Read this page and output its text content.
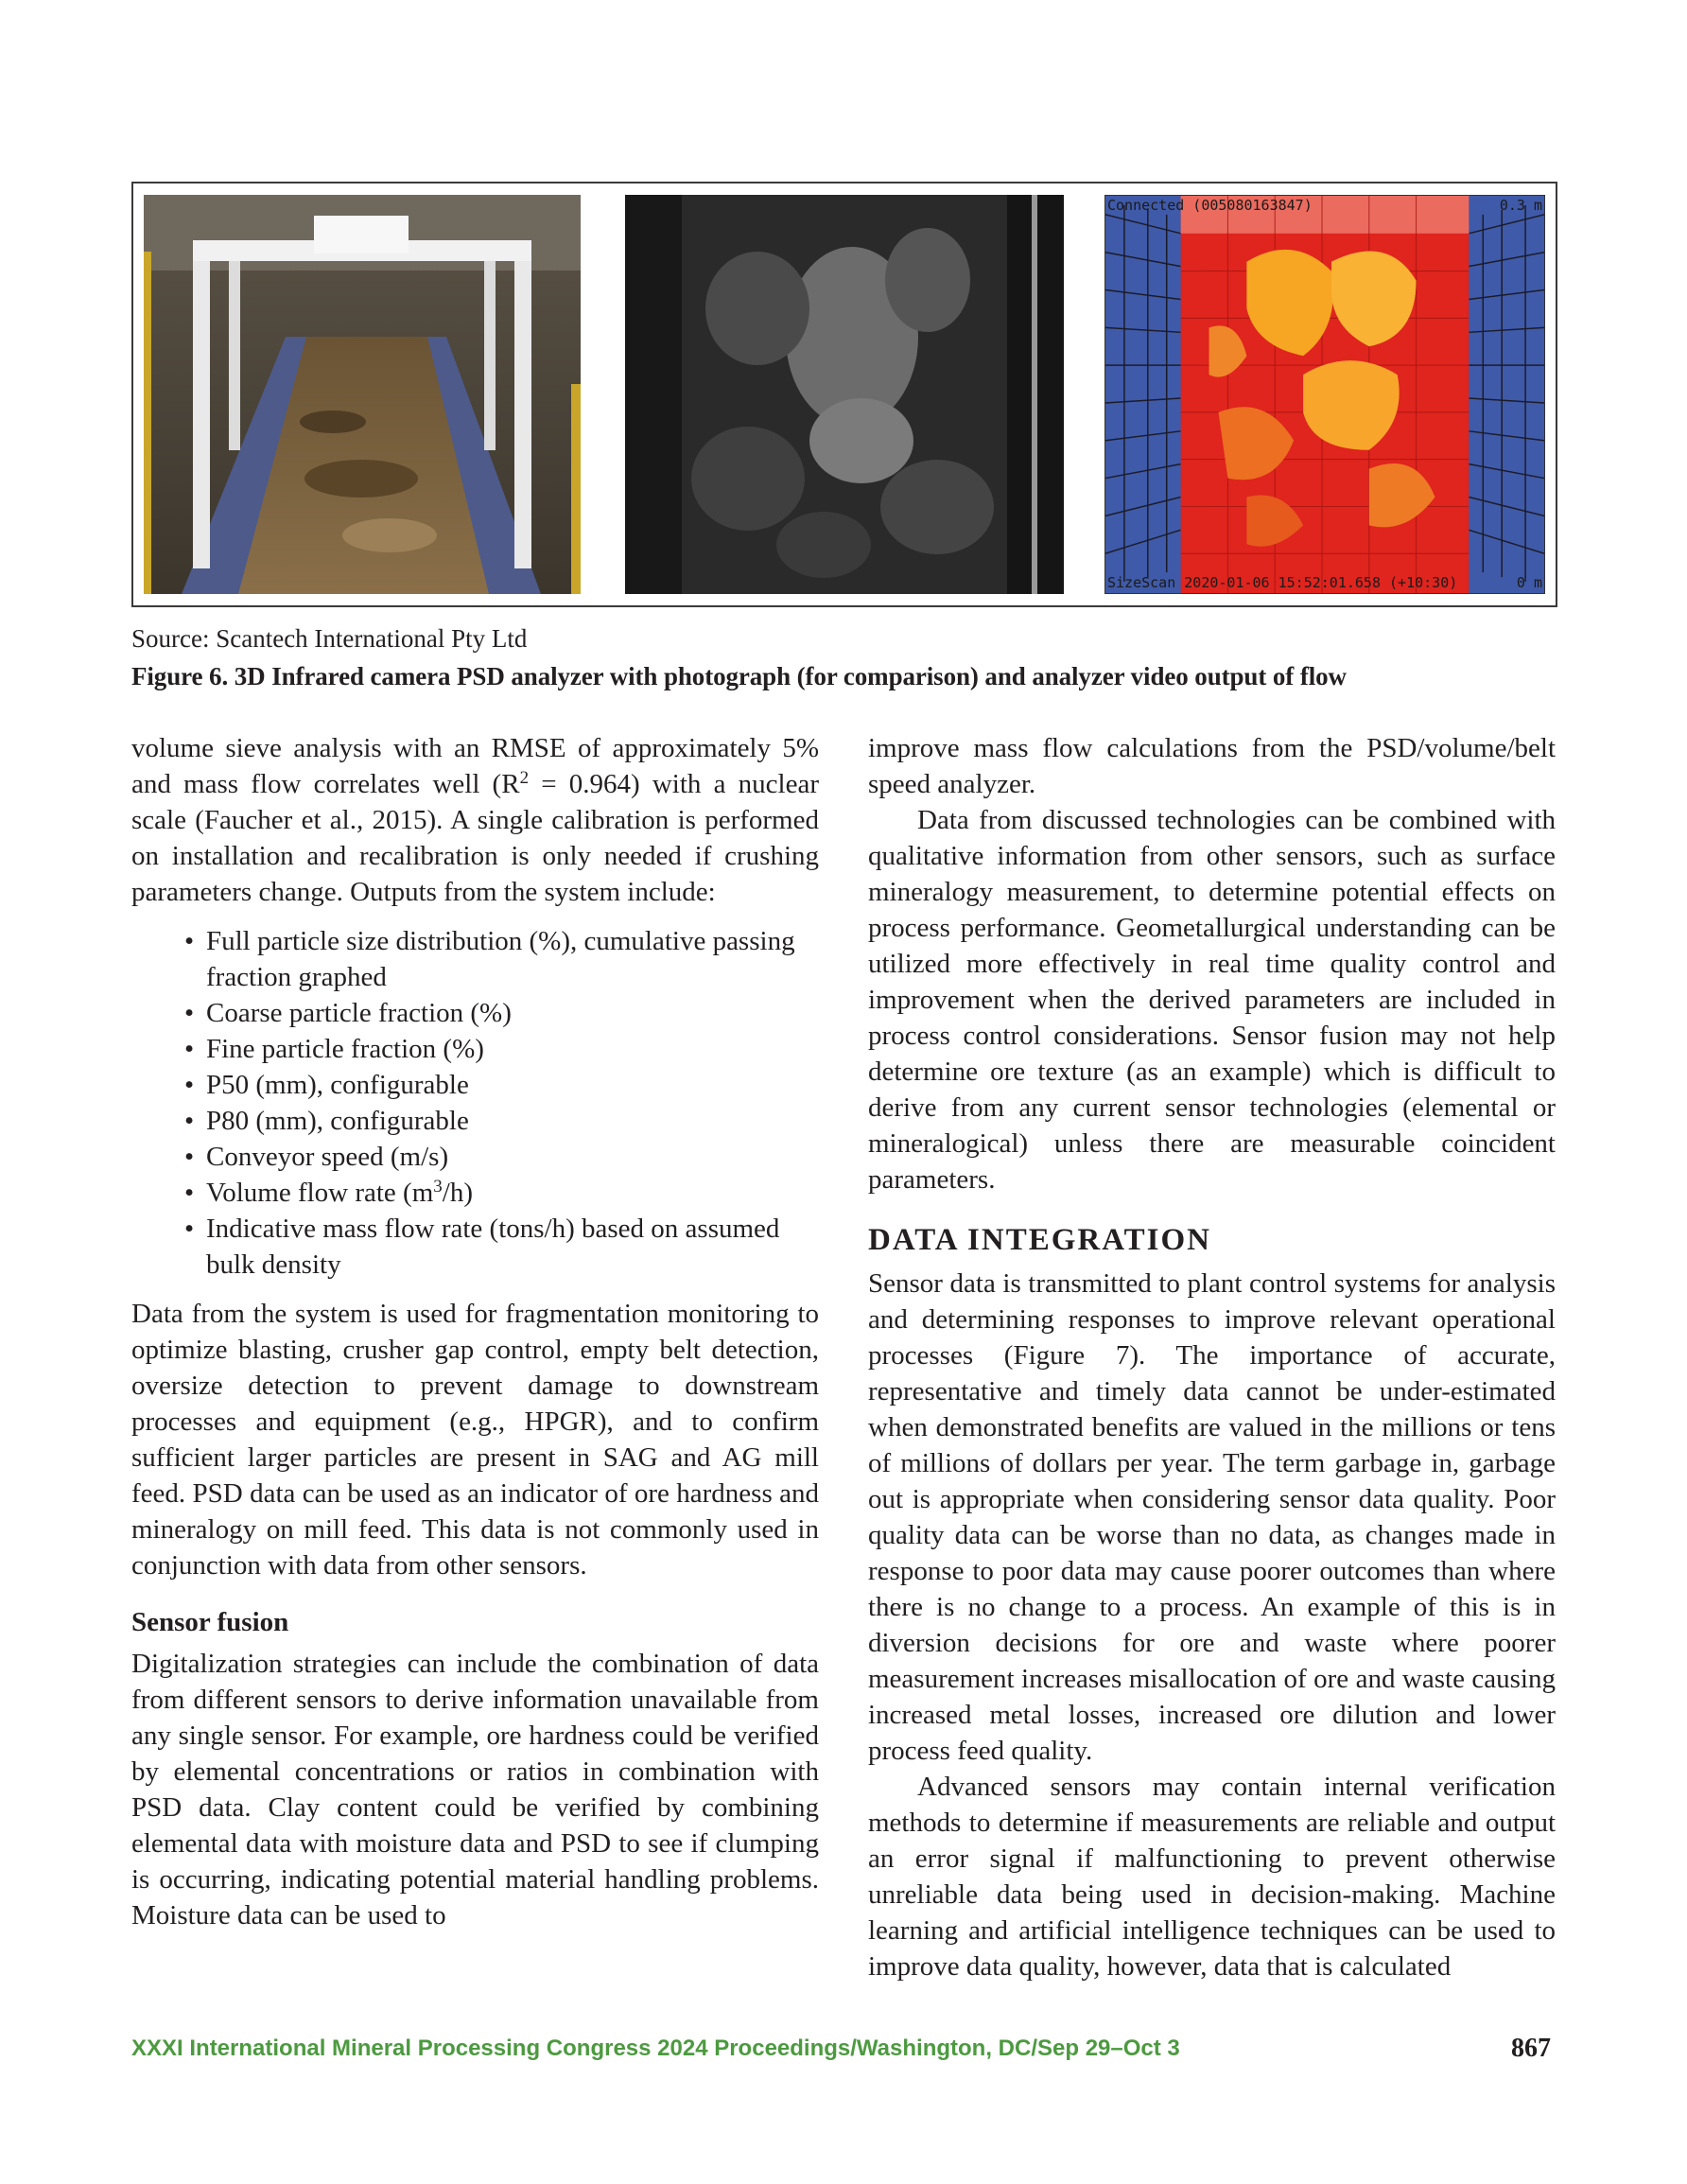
Connected (005080163847)	0.3 m
SizeScan 2020-01-06 15:52:01.658 (+10:30)	0 m
Source: Scantech International Pty Ltd
Figure 6. 3D Infrared camera PSD analyzer with photograph (for comparison) and analyzer video output of flow

volume sieve analysis with an RMSE of approximately 5% and mass flow correlates well $(R^2 = 0.964)$ with a nuclear scale (Faucher et al., 2015). A single calibration is performed on installation and recalibration is only needed if crushing parameters change. Outputs from the system include:

• Full particle size distribution (%), cumulative passing fraction graphed
• Coarse particle fraction (%)
• Fine particle fraction (%)
• P50 (mm), configurable
• P80 (mm), configurable
• Conveyor speed (m/s)
• Volume flow rate $(m^3/h)$
• Indicative mass flow rate (tons/h) based on assumed bulk density

Data from the system is used for fragmentation monitoring to optimize blasting, crusher gap control, empty belt detection, oversize detection to prevent damage to downstream processes and equipment (e.g., HPGR), and to confirm sufficient larger particles are present in SAG and AG mill feed. PSD data can be used as an indicator of ore hardness and mineralogy on mill feed. This data is not commonly used in conjunction with data from other sensors.

Sensor fusion

Digitalization strategies can include the combination of data from different sensors to derive information unavailable from any single sensor. For example, ore hardness could be verified by elemental concentrations or ratios in combination with PSD data. Clay content could be verified by combining elemental data with moisture data and PSD to see if clumping is occurring, indicating potential material handling problems. Moisture data can be used to

improve mass flow calculations from the PSD/volume/belt speed analyzer.

Data from discussed technologies can be combined with qualitative information from other sensors, such as surface mineralogy measurement, to determine potential effects on process performance. Geometallurgical understanding can be utilized more effectively in real time quality control and improvement when the derived parameters are included in process control considerations. Sensor fusion may not help determine ore texture (as an example) which is difficult to derive from any current sensor technologies (elemental or mineralogical) unless there are measurable coincident parameters.

DATA INTEGRATION

Sensor data is transmitted to plant control systems for analysis and determining responses to improve relevant operational processes (Figure 7). The importance of accurate, representative and timely data cannot be under-estimated when demonstrated benefits are valued in the millions or tens of millions of dollars per year. The term garbage in, garbage out is appropriate when considering sensor data quality. Poor quality data can be worse than no data, as changes made in response to poor data may cause poorer outcomes than where there is no change to a process. An example of this is in diversion decisions for ore and waste where poorer measurement increases misallocation of ore and waste causing increased metal losses, increased ore dilution and lower process feed quality.

Advanced sensors may contain internal verification methods to determine if measurements are reliable and output an error signal if malfunctioning to prevent otherwise unreliable data being used in decision-making. Machine learning and artificial intelligence techniques can be used to improve data quality, however, data that is calculated

XXXI International Mineral Processing Congress 2024 Proceedings/Washington, DC/Sep 29–Oct 3	867
